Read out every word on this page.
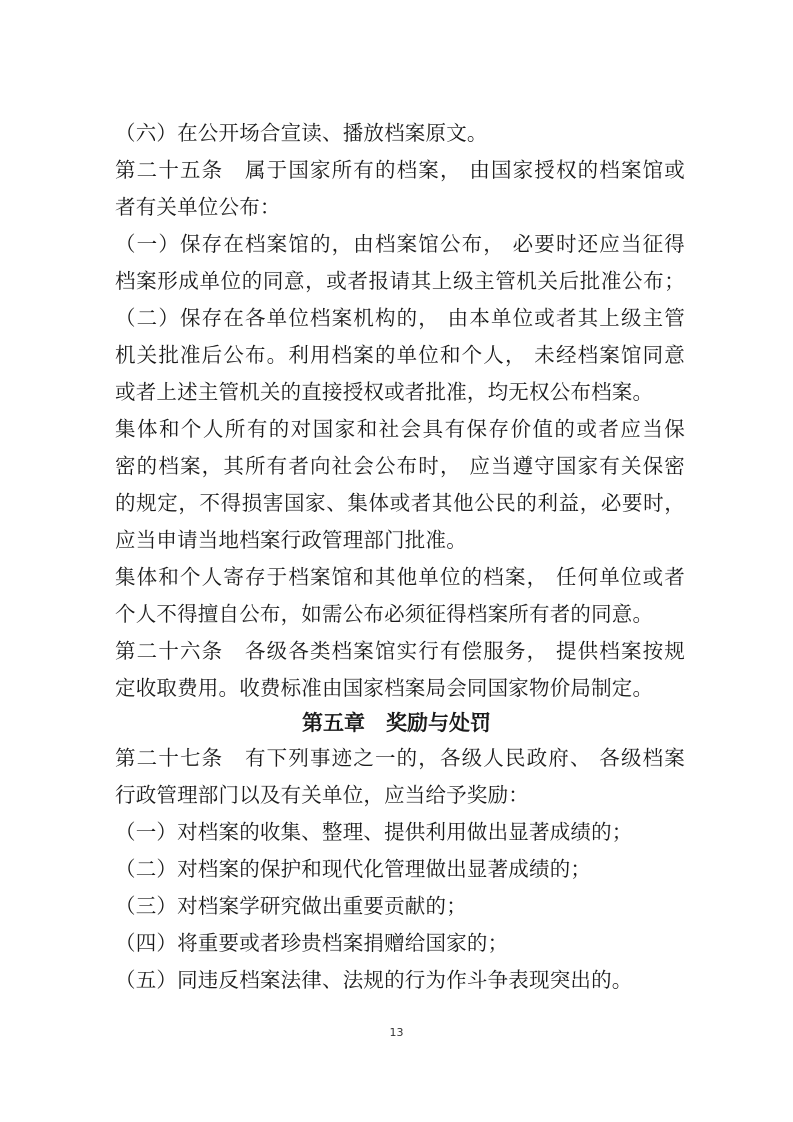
（六）在公开场合宣读、播放档案原文。
第二十五条　属于国家所有的档案， 由国家授权的档案馆或
者有关单位公布：
（一）保存在档案馆的，由档案馆公布， 必要时还应当征得
档案形成单位的同意，或者报请其上级主管机关后批准公布；
（二）保存在各单位档案机构的， 由本单位或者其上级主管
机关批准后公布。利用档案的单位和个人， 未经档案馆同意
或者上述主管机关的直接授权或者批准，均无权公布档案。
集体和个人所有的对国家和社会具有保存价值的或者应当保
密的档案，其所有者向社会公布时， 应当遵守国家有关保密
的规定，不得损害国家、集体或者其他公民的利益，必要时，
应当申请当地档案行政管理部门批准。
集体和个人寄存于档案馆和其他单位的档案， 任何单位或者
个人不得擅自公布，如需公布必须征得档案所有者的同意。
第二十六条　各级各类档案馆实行有偿服务， 提供档案按规
定收取费用。收费标准由国家档案局会同国家物价局制定。
第五章　奖励与处罚
第二十七条　有下列事迹之一的，各级人民政府、 各级档案
行政管理部门以及有关单位，应当给予奖励：
（一）对档案的收集、整理、提供利用做出显著成绩的；
（二）对档案的保护和现代化管理做出显著成绩的；
（三）对档案学研究做出重要贡献的；
（四）将重要或者珍贵档案捐赠给国家的；
（五）同违反档案法律、法规的行为作斗争表现突出的。
13
